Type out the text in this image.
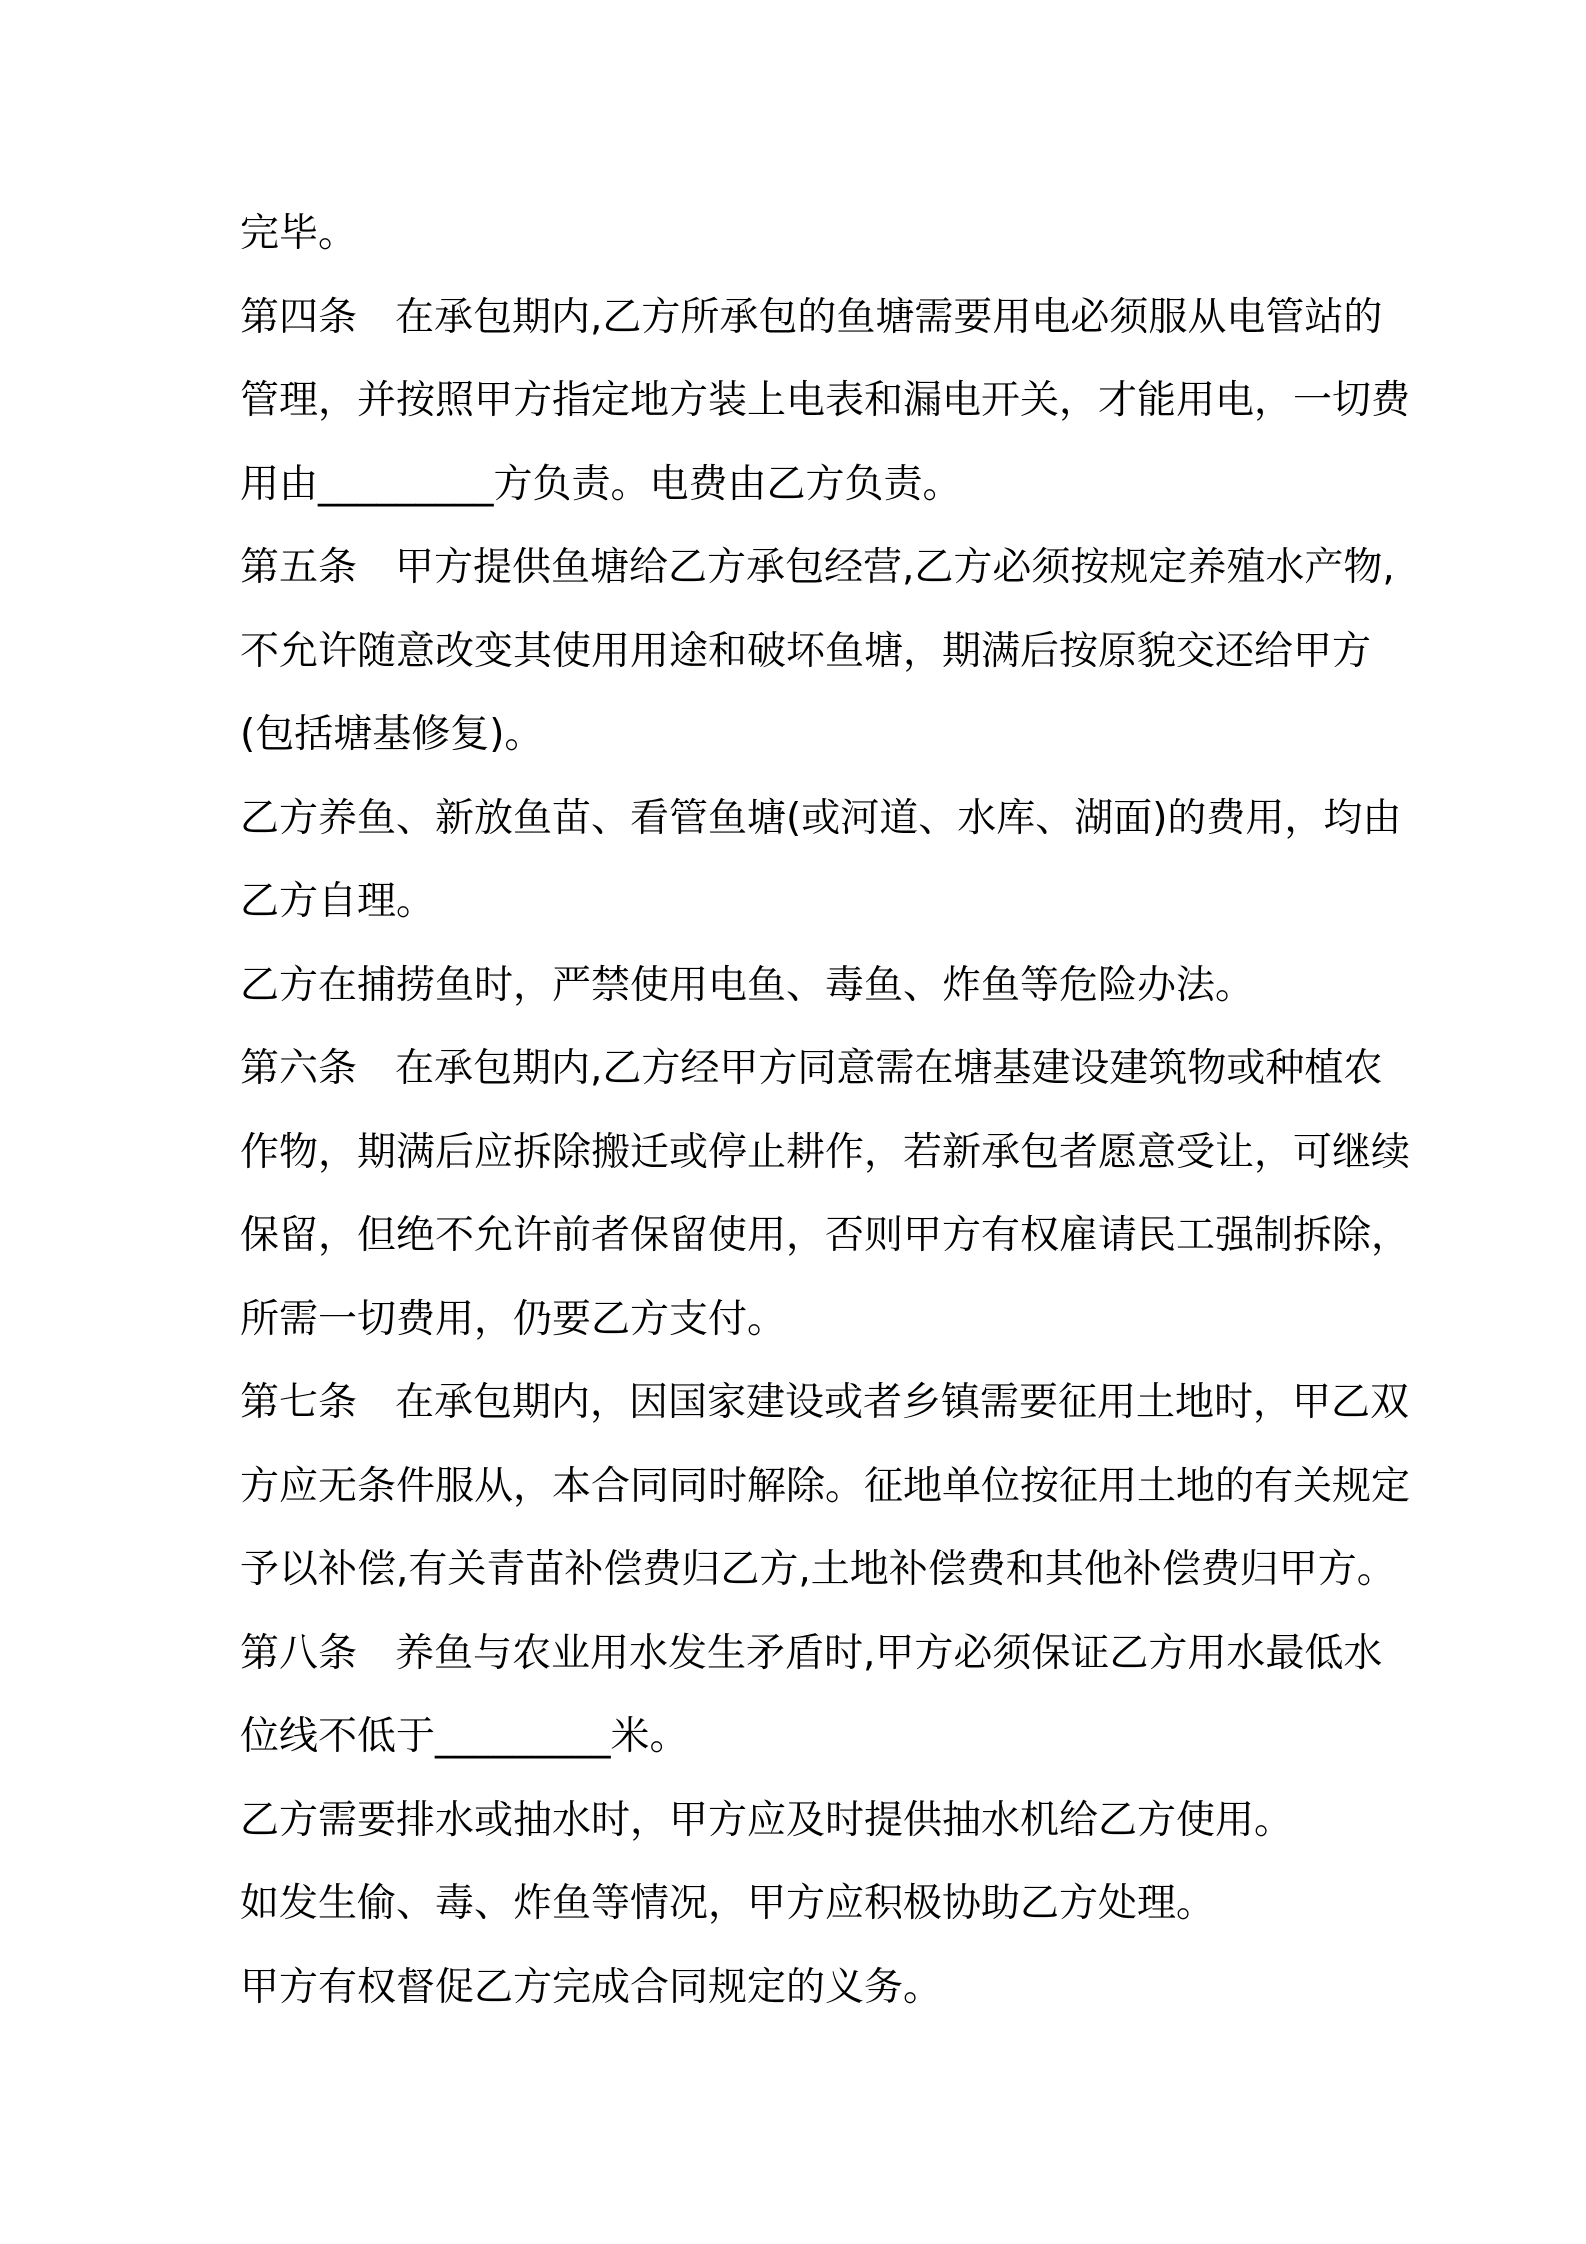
完毕。
第四条 在承包期内,乙方所承包的鱼塘需要用电必须服从电管站的
管理，并按照甲方指定地方装上电表和漏电开关，才能用电，一切费
用由_________方负责。电费由乙方负责。
第五条 甲方提供鱼塘给乙方承包经营,乙方必须按规定养殖水产物,
不允许随意改变其使用用途和破坏鱼塘，期满后按原貌交还给甲方
(包括塘基修复)。
乙方养鱼、新放鱼苗、看管鱼塘(或河道、水库、湖面)的费用，均由
乙方自理。
乙方在捕捞鱼时，严禁使用电鱼、毒鱼、炸鱼等危险办法。
第六条 在承包期内,乙方经甲方同意需在塘基建设建筑物或种植农
作物，期满后应拆除搬迁或停止耕作，若新承包者愿意受让，可继续
保留，但绝不允许前者保留使用，否则甲方有权雇请民工强制拆除，
所需一切费用，仍要乙方支付。
第七条 在承包期内，因国家建设或者乡镇需要征用土地时，甲乙双
方应无条件服从，本合同同时解除。征地单位按征用土地的有关规定
予以补偿,有关青苗补偿费归乙方,土地补偿费和其他补偿费归甲方。
第八条 养鱼与农业用水发生矛盾时,甲方必须保证乙方用水最低水
位线不低于_________米。
乙方需要排水或抽水时，甲方应及时提供抽水机给乙方使用。
如发生偷、毒、炸鱼等情况，甲方应积极协助乙方处理。
甲方有权督促乙方完成合同规定的义务。
